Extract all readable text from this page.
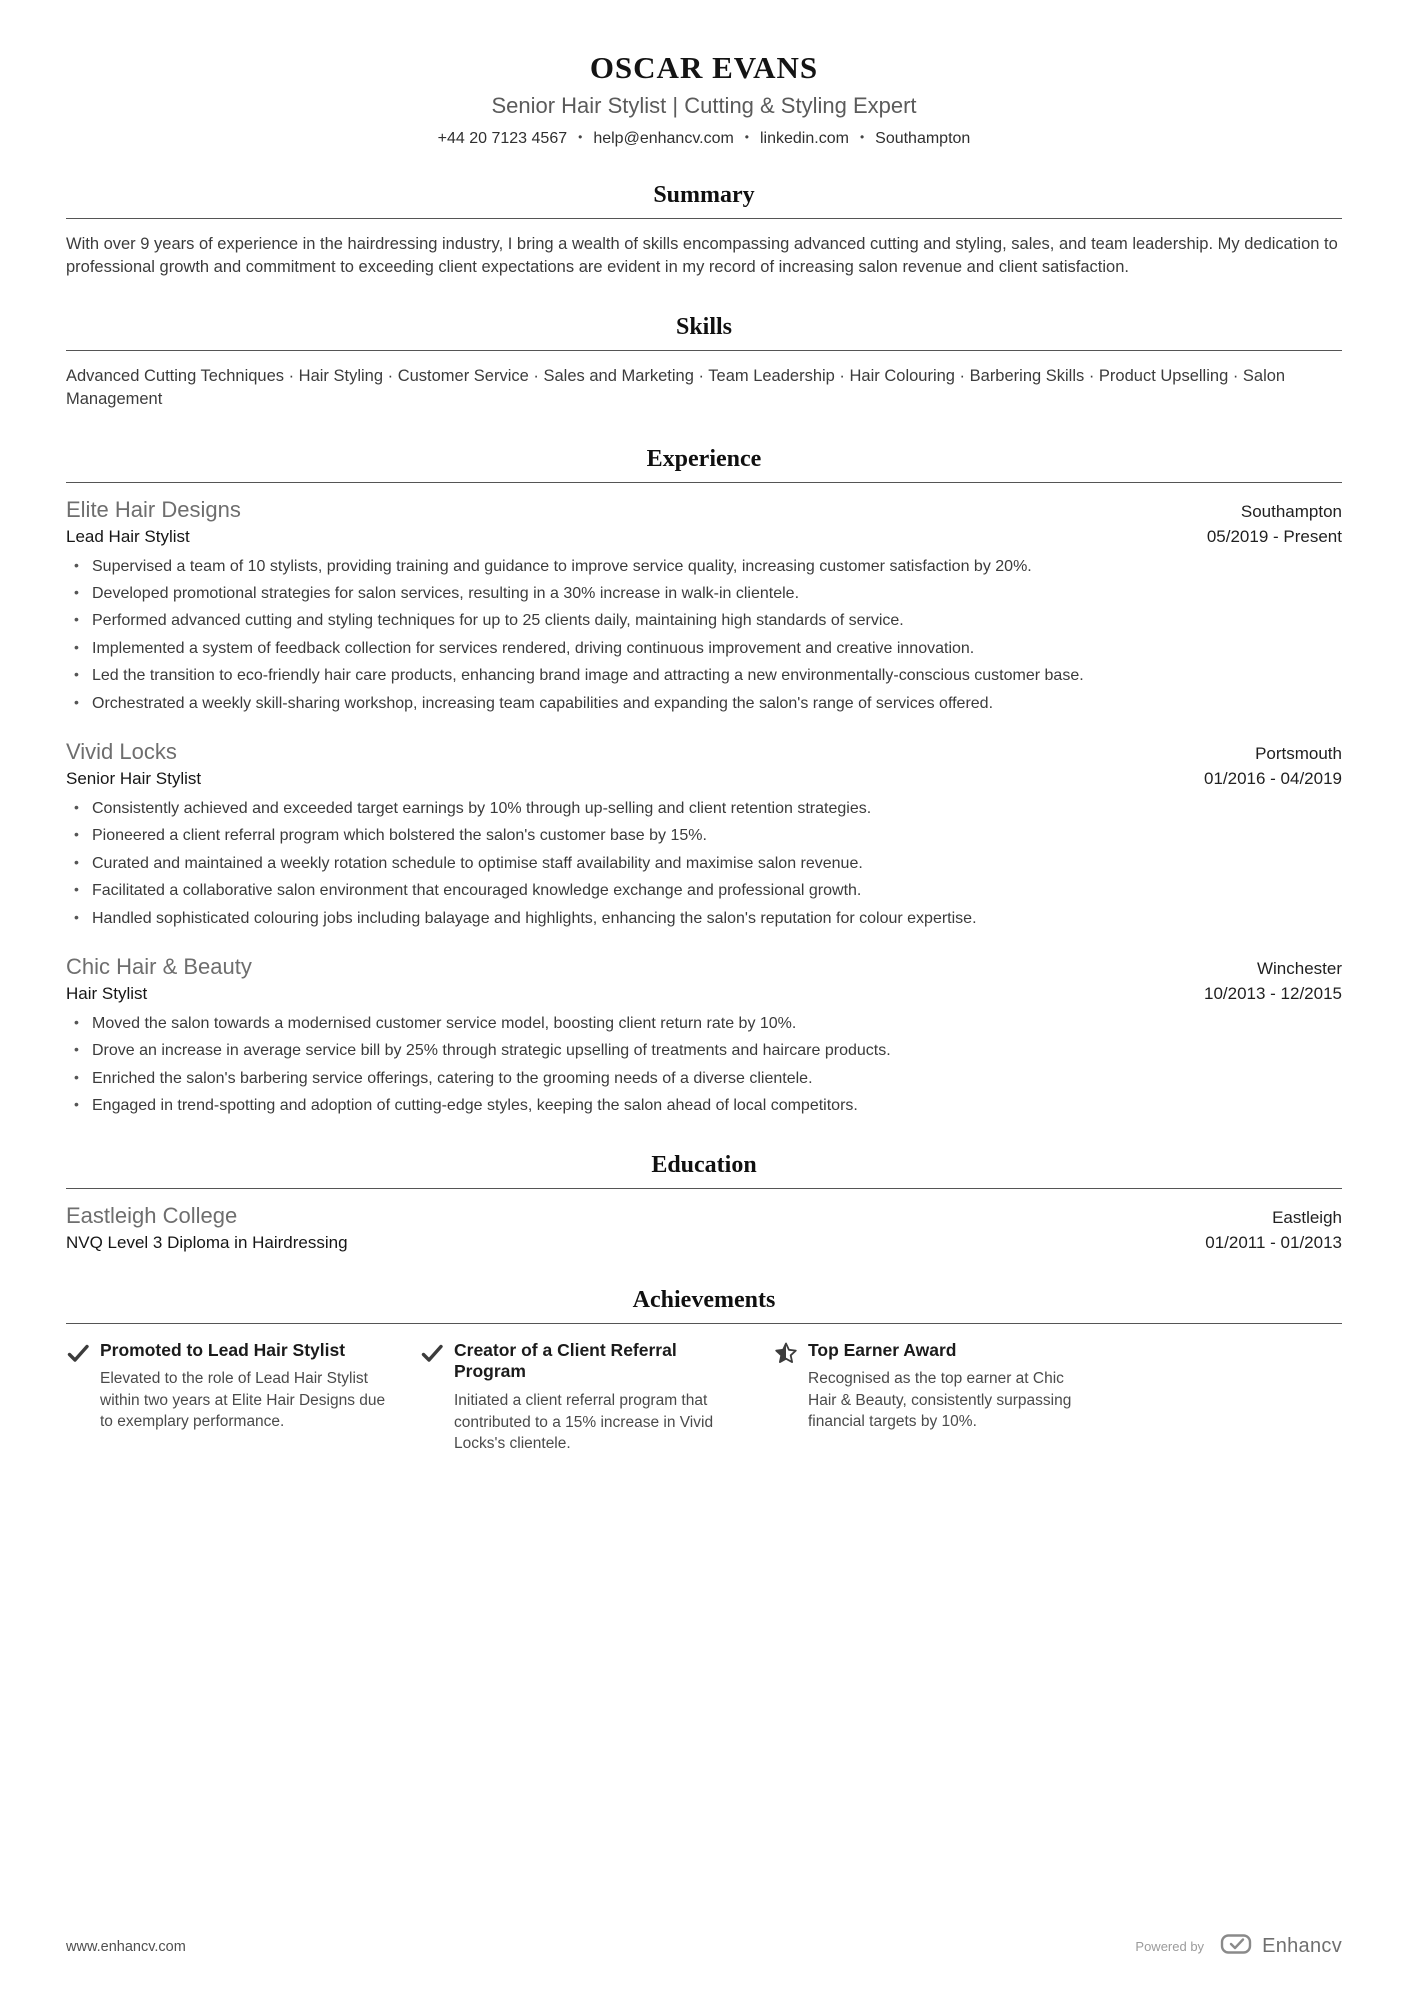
OSCAR EVANS
Senior Hair Stylist | Cutting & Styling Expert
+44 20 7123 4567 • help@enhancv.com • linkedin.com • Southampton
Summary

With over 9 years of experience in the hairdressing industry, I bring a wealth of skills encompassing advanced cutting and styling, sales, and team leadership. My dedication to professional growth and commitment to exceeding client expectations are evident in my record of increasing salon revenue and client satisfaction.

Skills

Advanced Cutting Techniques · Hair Styling · Customer Service · Sales and Marketing · Team Leadership · Hair Colouring · Barbering Skills · Product Upselling · Salon Management

Experience
Elite Hair Designs	Southampton
Lead Hair Stylist	05/2019 - Present
• Supervised a team of 10 stylists, providing training and guidance to improve service quality, increasing customer satisfaction by 20%.
• Developed promotional strategies for salon services, resulting in a 30% increase in walk-in clientele.
• Performed advanced cutting and styling techniques for up to 25 clients daily, maintaining high standards of service.
• Implemented a system of feedback collection for services rendered, driving continuous improvement and creative innovation.
• Led the transition to eco-friendly hair care products, enhancing brand image and attracting a new environmentally-conscious customer base.
• Orchestrated a weekly skill-sharing workshop, increasing team capabilities and expanding the salon's range of services offered.
Vivid Locks	Portsmouth
Senior Hair Stylist	01/2016 - 04/2019
• Consistently achieved and exceeded target earnings by 10% through up-selling and client retention strategies.
• Pioneered a client referral program which bolstered the salon's customer base by 15%.
• Curated and maintained a weekly rotation schedule to optimise staff availability and maximise salon revenue.
• Facilitated a collaborative salon environment that encouraged knowledge exchange and professional growth.
• Handled sophisticated colouring jobs including balayage and highlights, enhancing the salon's reputation for colour expertise.
Chic Hair & Beauty	Winchester
Hair Stylist	10/2013 - 12/2015
• Moved the salon towards a modernised customer service model, boosting client return rate by 10%.
• Drove an increase in average service bill by 25% through strategic upselling of treatments and haircare products.
• Enriched the salon's barbering service offerings, catering to the grooming needs of a diverse clientele.
• Engaged in trend-spotting and adoption of cutting-edge styles, keeping the salon ahead of local competitors.
Education
Eastleigh College	Eastleigh
NVQ Level 3 Diploma in Hairdressing	01/2011 - 01/2013
Achievements
Promoted to Lead Hair Stylist
Elevated to the role of Lead Hair Stylist within two years at Elite Hair Designs due to exemplary performance.
Creator of a Client Referral Program
Initiated a client referral program that contributed to a 15% increase in Vivid Locks's clientele.
Top Earner Award
Recognised as the top earner at Chic Hair & Beauty, consistently surpassing financial targets by 10%.
www.enhancv.com	Powered by	Enhancv
